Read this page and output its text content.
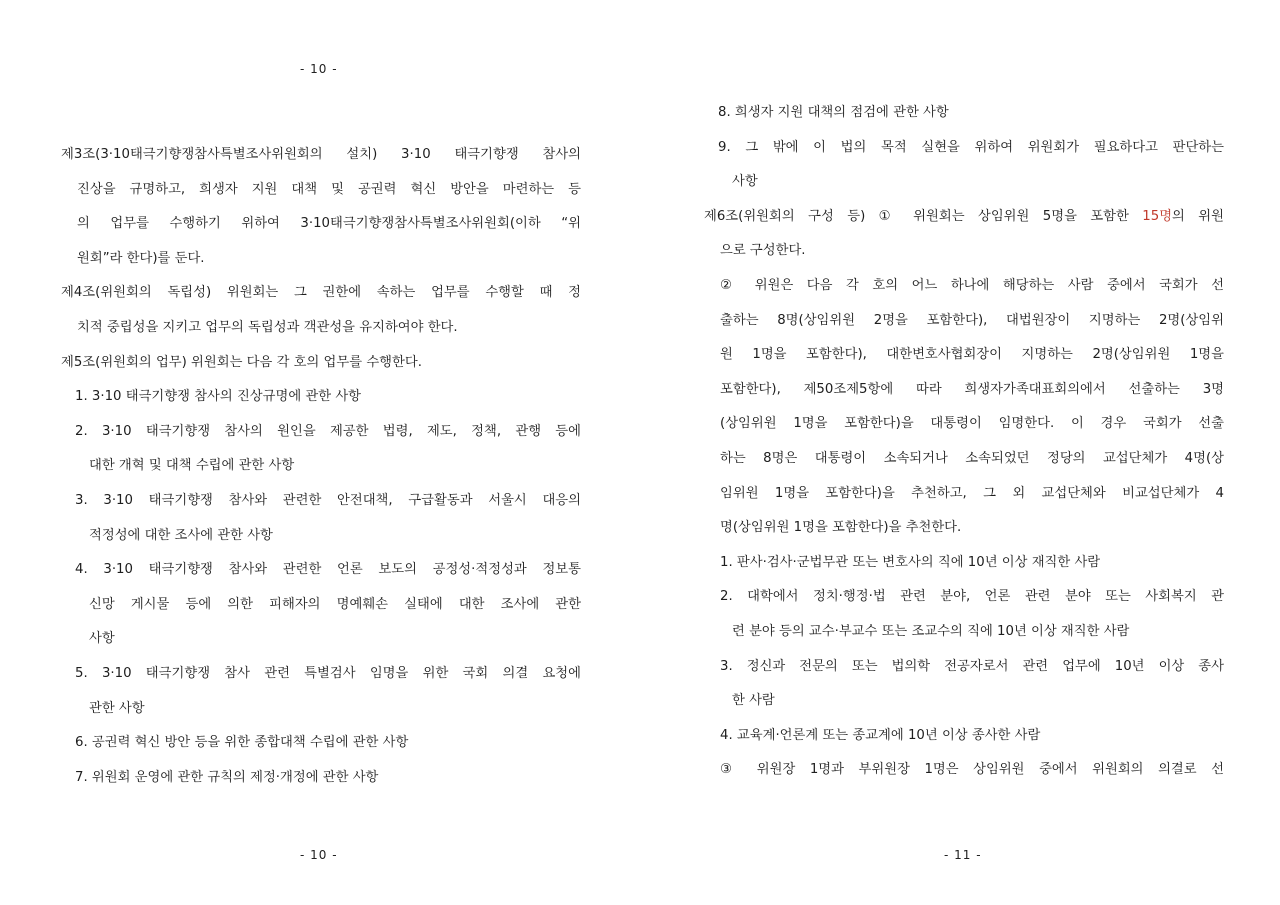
- 10 -
제3조(3·10태극기향쟁참사특별조사위원회의 설치) 3·10 태극기향쟁 참사의
진상을 규명하고, 희생자 지원 대책 및 공권력 혁신 방안을 마련하는 등
의 업무를 수행하기 위하여 3·10태극기향쟁참사특별조사위원회(이하 “위
원회”라 한다)를 둔다.
제4조(위원회의 독립성) 위원회는 그 권한에 속하는 업무를 수행할 때 정
치적 중립성을 지키고 업무의 독립성과 객관성을 유지하여야 한다.
제5조(위원회의 업무) 위원회는 다음 각 호의 업무를 수행한다.
1. 3·10 태극기향쟁 참사의 진상규명에 관한 사항
2. 3·10 태극기향쟁 참사의 원인을 제공한 법령, 제도, 정책, 관행 등에
대한 개혁 및 대책 수립에 관한 사항
3. 3·10 태극기향쟁 참사와 관련한 안전대책, 구급활동과 서울시 대응의
적정성에 대한 조사에 관한 사항
4. 3·10 태극기향쟁 참사와 관련한 언론 보도의 공정성·적정성과 정보통
신망 게시물 등에 의한 피해자의 명예훼손 실태에 대한 조사에 관한
사항
5. 3·10 태극기향쟁 참사 관련 특별검사 임명을 위한 국회 의결 요청에
관한 사항
6. 공권력 혁신 방안 등을 위한 종합대책 수립에 관한 사항
7. 위원회 운영에 관한 규칙의 제정·개정에 관한 사항
- 10 -
8. 희생자 지원 대책의 점검에 관한 사항
9. 그 밖에 이 법의 목적 실현을 위하여 위원회가 필요하다고 판단하는
사항
제6조(위원회의 구성 등) ① 위원회는 상임위원 5명을 포함한 15명의 위원
으로 구성한다.
② 위원은 다음 각 호의 어느 하나에 해당하는 사람 중에서 국회가 선
출하는 8명(상임위원 2명을 포함한다), 대법원장이 지명하는 2명(상임위
원 1명을 포함한다), 대한변호사협회장이 지명하는 2명(상임위원 1명을
포함한다), 제50조제5항에 따라 희생자가족대표회의에서 선출하는 3명
(상임위원 1명을 포함한다)을 대통령이 임명한다. 이 경우 국회가 선출
하는 8명은 대통령이 소속되거나 소속되었던 정당의 교섭단체가 4명(상
임위원 1명을 포함한다)을 추천하고, 그 외 교섭단체와 비교섭단체가 4
명(상임위원 1명을 포함한다)을 추천한다.
1. 판사·검사·군법무관 또는 변호사의 직에 10년 이상 재직한 사람
2. 대학에서 정치·행정·법 관련 분야, 언론 관련 분야 또는 사회복지 관
련 분야 등의 교수·부교수 또는 조교수의 직에 10년 이상 재직한 사람
3. 정신과 전문의 또는 법의학 전공자로서 관련 업무에 10년 이상 종사
한 사람
4. 교육계·언론계 또는 종교계에 10년 이상 종사한 사람
③ 위원장 1명과 부위원장 1명은 상임위원 중에서 위원회의 의결로 선
- 11 -
